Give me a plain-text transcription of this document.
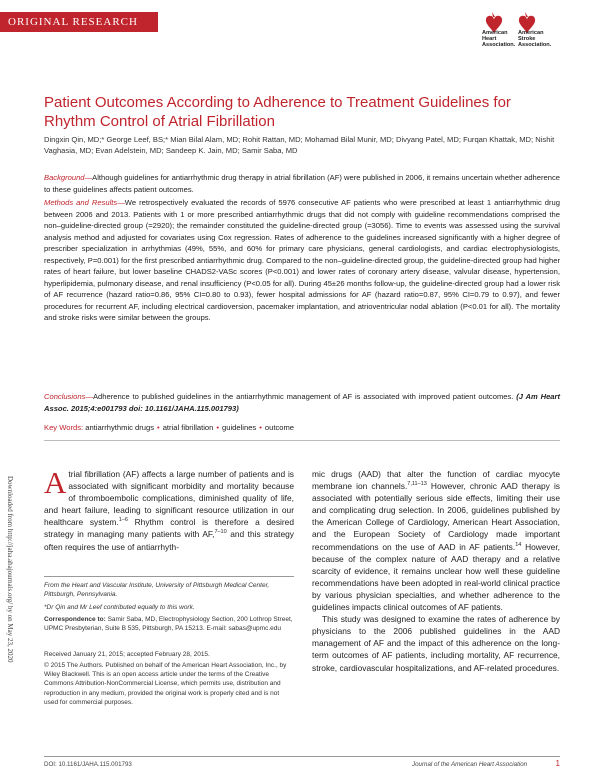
ORIGINAL RESEARCH
American
Heart
Association.
American
Stroke
Association.
Patient Outcomes According to Adherence to Treatment Guidelines for Rhythm Control of Atrial Fibrillation
Dingxin Qin, MD;* George Leef, BS;* Mian Bilal Alam, MD; Rohit Rattan, MD; Mohamad Bilal Munir, MD; Divyang Patel, MD; Furqan Khattak, MD; Nishit Vaghasia, MD; Evan Adelstein, MD; Sandeep K. Jain, MD; Samir Saba, MD

Background—Although guidelines for antiarrhythmic drug therapy in atrial fibrillation (AF) were published in 2006, it remains uncertain whether adherence to these guidelines affects patient outcomes.

Methods and Results—We retrospectively evaluated the records of 5976 consecutive AF patients who were prescribed at least 1 antiarrhythmic drug between 2006 and 2013. Patients with 1 or more prescribed antiarrhythmic drugs that did not comply with guideline recommendations comprised the non–guideline-directed group (=2920); the remainder constituted the guideline-directed group (=3056). Time to events was assessed using the survival analysis method and adjusted for covariates using Cox regression. Rates of adherence to the guidelines increased significantly with a higher degree of prescriber specialization in arrhythmias (49%, 55%, and 60% for primary care physicians, general cardiologists, and cardiac electrophysiologists, respectively, P=0.001) for the first prescribed antiarrhythmic drug. Compared to the non–guideline-directed group, the guideline-directed group had higher rates of heart failure, but lower baseline CHADS2-VASc scores (P<0.001) and lower rates of coronary artery disease, valvular disease, hypertension, hyperlipidemia, pulmonary disease, and renal insufficiency (P<0.05 for all). During 45±26 months follow-up, the guideline-directed group had a lower risk of AF recurrence (hazard ratio=0.86, 95% CI=0.80 to 0.93), fewer hospital admissions for AF (hazard ratio=0.87, 95% CI=0.79 to 0.97), and fewer procedures for recurrent AF, including electrical cardioversion, pacemaker implantation, and atrioventricular nodal ablation (P<0.01 for all). The mortality and stroke risks were similar between the groups.

Conclusions—Adherence to published guidelines in the antiarrhythmic management of AF is associated with improved patient outcomes. (J Am Heart Assoc. 2015;4:e001793 doi: 10.1161/JAHA.115.001793)

Key Words: antiarrhythmic drugs • atrial fibrillation • guidelines • outcome
Downloaded from http://jaha.ahajournals.org/ by on May 23, 2020 Atrial fibrillation (AF) affects a large number of patients and is associated with significant morbidity and mortality because of thromboembolic complications, diminished quality of life, and heart failure, leading to significant resource utilization in our healthcare system.$^{1-6}$ Rhythm control is therefore a desired strategy in managing many patients with AF,$^{7-10}$ and this strategy often requires the use of antiarrhyth-

From the Heart and Vascular Institute, University of Pittsburgh Medical Center, Pittsburgh, Pennsylvania.

*Dr Qin and Mr Leef contributed equally to this work.

Correspondence to: Samir Saba, MD, Electrophysiology Section, 200 Lothrop Street, UPMC Presbyterian, Suite B 535, Pittsburgh, PA 15213. E-mail: sabas@upmc.edu

Received January 21, 2015; accepted February 28, 2015.

© 2015 The Authors. Published on behalf of the American Heart Association, Inc., by Wiley Blackwell. This is an open access article under the terms of the Creative Commons Attribution-NonCommercial License, which permits use, distribution and reproduction in any medium, provided the original work is properly cited and is not used for commercial purposes.

mic drugs (AAD) that alter the function of cardiac myocyte membrane ion channels.$^{7,11-13}$ However, chronic AAD therapy is associated with potentially serious side effects, limiting their use and complicating drug selection. In 2006, guidelines published by the American College of Cardiology, American Heart Association, and the European Society of Cardiology made important recommendations on the use of AAD in AF patients.$^{14}$ However, because of the complex nature of AAD therapy and a relative scarcity of evidence, it remains unclear how well these guideline recommendations have been adopted in real-world clinical practice by various physician specialties, and whether adherence to the guidelines impacts clinical outcomes of AF patients.

This study was designed to examine the rates of adherence by physicians to the 2006 published guidelines in the AAD management of AF and the impact of this adherence on the long-term outcomes of AF patients, including mortality, AF recurrence, stroke, cardiovascular hospitalizations, and AF-related procedures.

DOI: 10.1161/JAHA.115.001793	Journal of the American Heart Association	1
